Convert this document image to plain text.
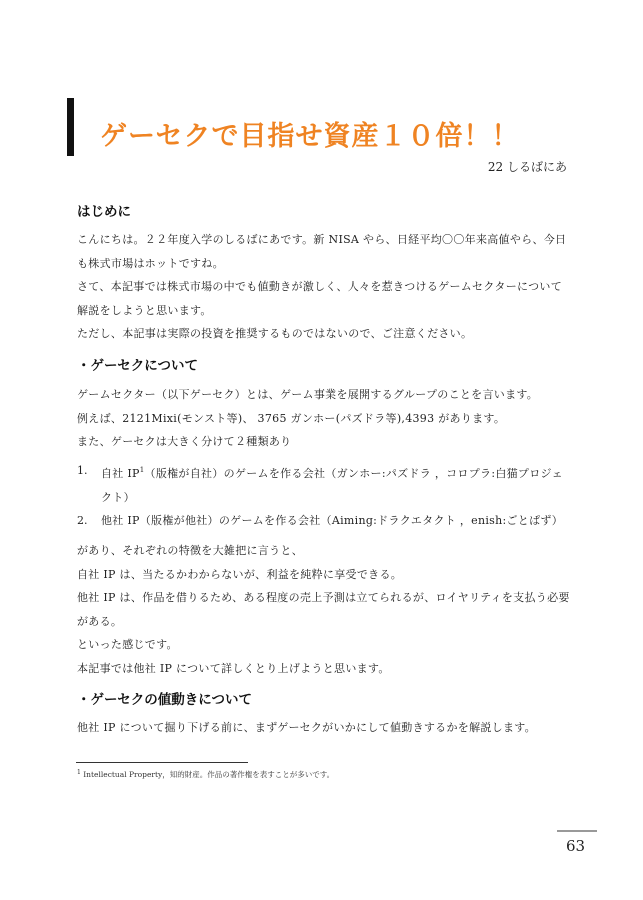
ゲーセクで目指せ資産１０倍！！
22 しるばにあ
はじめに

こんにちは。２２年度入学のしるばにあです。新 NISA やら、日経平均〇〇年来高値やら、今日

も株式市場はホットですね。

さて、本記事では株式市場の中でも値動きが激しく、人々を惹きつけるゲームセクターについて

解説をしようと思います。

ただし、本記事は実際の投資を推奨するものではないので、ご注意ください。

・ゲーセクについて

ゲームセクター（以下ゲーセク）とは、ゲーム事業を展開するグループのことを言います。

例えば、2121Mixi(モンスト等)、 3765 ガンホー(パズドラ等),4393 があります。

また、ゲーセクは大きく分けて２種類あり

1. 自社 $IP^1$（版権が自社）のゲームを作る会社（ガンホー:パズドラ ，コロプラ:白猫プロジェ

クト）

2. 他社 IP（版権が他社）のゲームを作る会社（Aiming:ドラクエタクト ，enish:ごとぱず）

があり、それぞれの特徴を大雑把に言うと、

自社 IP は、当たるかわからないが、利益を純粋に享受できる。

他社 IP は、作品を借りるため、ある程度の売上予測は立てられるが、ロイヤリティを支払う必要

がある。

といった感じです。

本記事では他社 IP について詳しくとり上げようと思います。

・ゲーセクの値動きについて

他社 IP について掘り下げる前に、まずゲーセクがいかにして値動きするかを解説します。

$^1$ Intellectual Property，知的財産。作品の著作権を表すことが多いです。
63
